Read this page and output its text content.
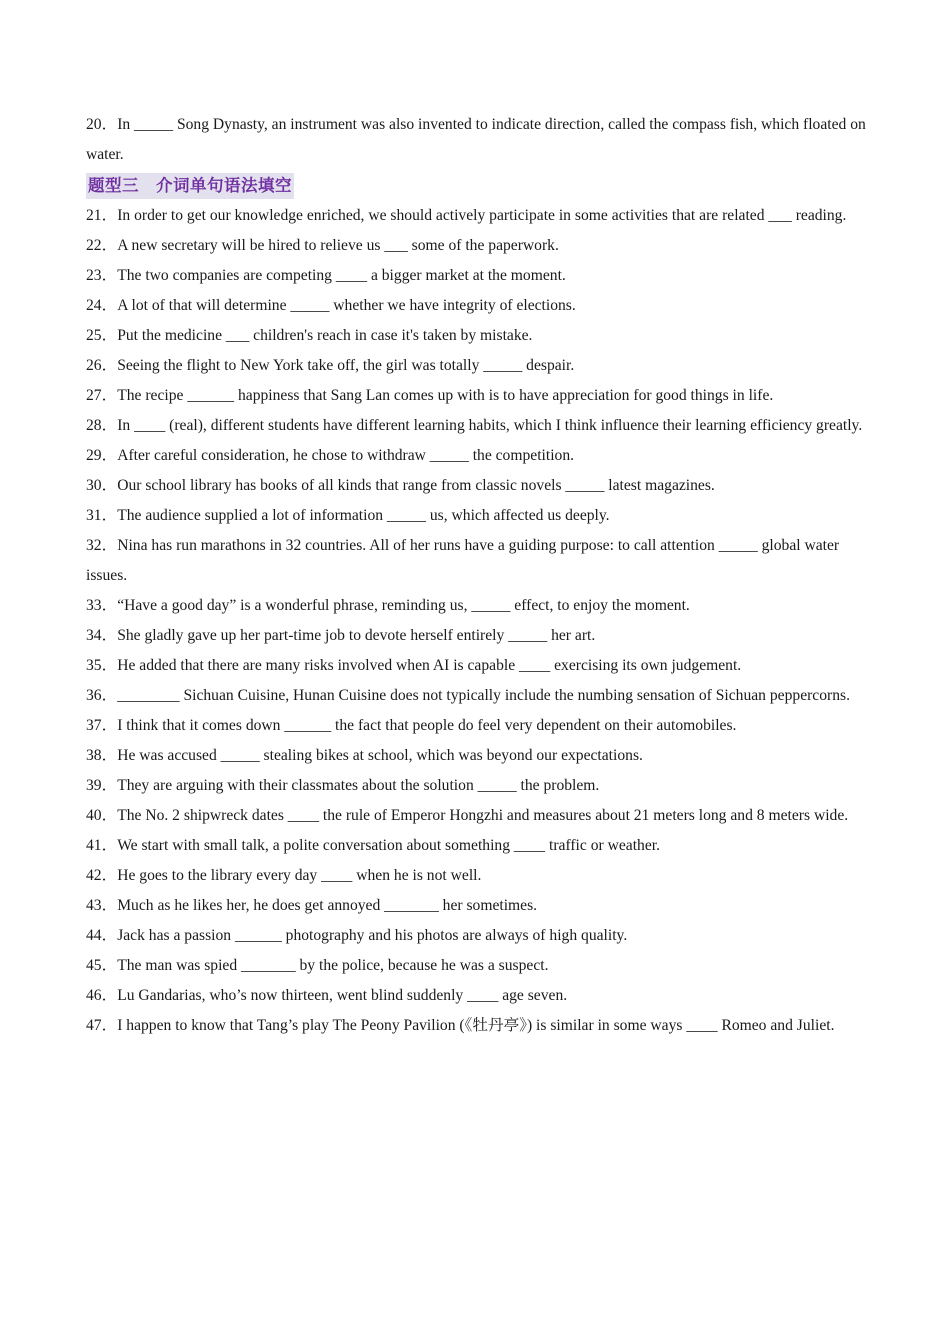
20．In _____ Song Dynasty, an instrument was also invented to indicate direction, called the compass fish, which floated on water.

题型三　介词单句语法填空

21．In order to get our knowledge enriched, we should actively participate in some activities that are related ___ reading.

22．A new secretary will be hired to relieve us ___ some of the paperwork.

23．The two companies are competing ____ a bigger market at the moment.

24．A lot of that will determine _____ whether we have integrity of elections.

25．Put the medicine ___ children's reach in case it's taken by mistake.

26．Seeing the flight to New York take off, the girl was totally _____ despair.

27．The recipe ______ happiness that Sang Lan comes up with is to have appreciation for good things in life.

28．In ____ (real), different students have different learning habits, which I think influence their learning efficiency greatly.

29．After careful consideration, he chose to withdraw _____ the competition.

30．Our school library has books of all kinds that range from classic novels _____ latest magazines.

31．The audience supplied a lot of information _____ us, which affected us deeply.

32．Nina has run marathons in 32 countries. All of her runs have a guiding purpose: to call attention _____ global water issues.

33．“Have a good day” is a wonderful phrase, reminding us, _____ effect, to enjoy the moment.

34．She gladly gave up her part-time job to devote herself entirely _____ her art.

35．He added that there are many risks involved when AI is capable ____ exercising its own judgement.

36．________ Sichuan Cuisine, Hunan Cuisine does not typically include the numbing sensation of Sichuan peppercorns.

37．I think that it comes down ______ the fact that people do feel very dependent on their automobiles.

38．He was accused _____ stealing bikes at school, which was beyond our expectations.

39．They are arguing with their classmates about the solution _____ the problem.

40．The No. 2 shipwreck dates ____ the rule of Emperor Hongzhi and measures about 21 meters long and 8 meters wide.

41．We start with small talk, a polite conversation about something ____ traffic or weather.

42．He goes to the library every day ____ when he is not well.

43．Much as he likes her, he does get annoyed _______ her sometimes.

44．Jack has a passion ______ photography and his photos are always of high quality.

45．The man was spied _______ by the police, because he was a suspect.

46．Lu Gandarias, who’s now thirteen, went blind suddenly ____ age seven.

47．I happen to know that Tang’s play The Peony Pavilion (《牡丹亭》) is similar in some ways ____ Romeo and Juliet.
